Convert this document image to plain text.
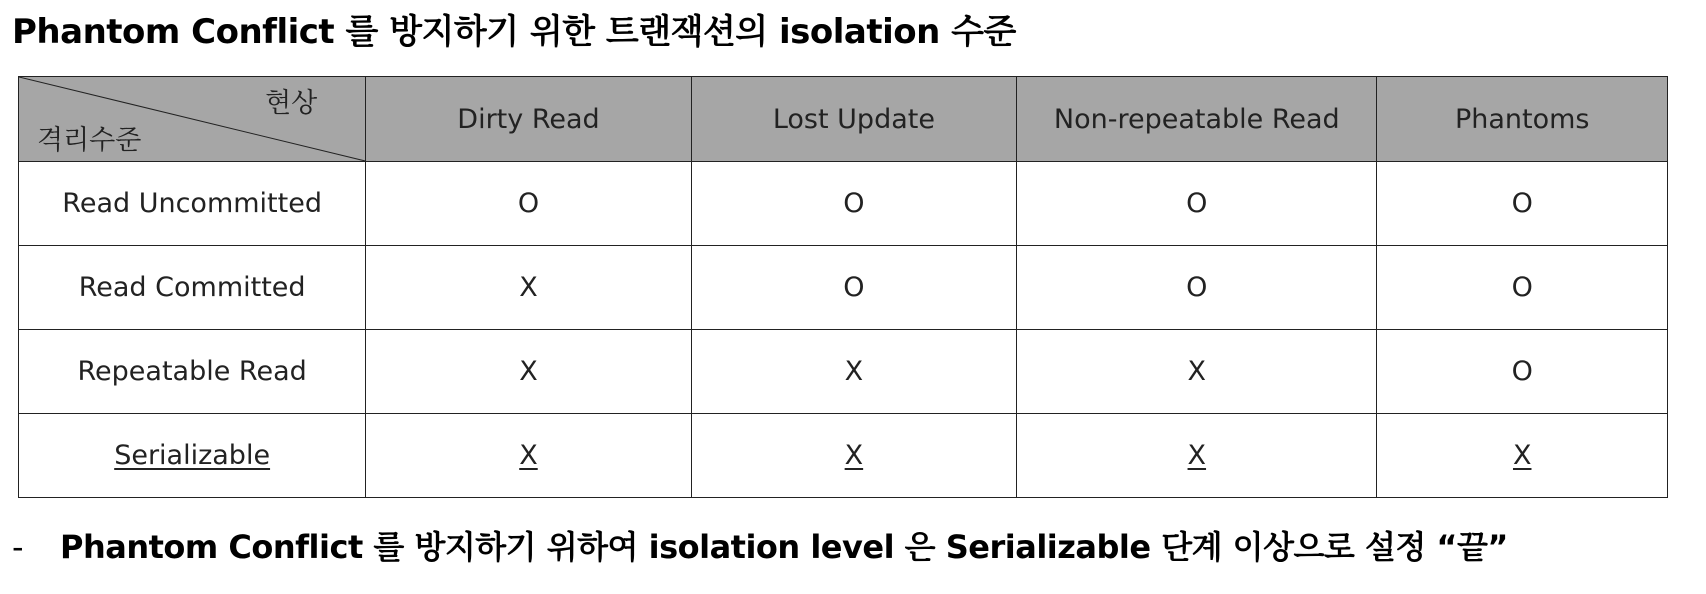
Phantom Conflict 를 방지하기 위한 트랜잭션의 isolation 수준
현상
격리수준	Dirty Read	Lost Update	Non-repeatable Read	Phantoms
Read Uncommitted	O	O	O	O
Read Committed	X	O	O	O
Repeatable Read	X	X	X	O
Serializable	X	X	X	X
- Phantom Conflict 를 방지하기 위하여 isolation level 은 Serializable 단계 이상으로 설정 “끝”
